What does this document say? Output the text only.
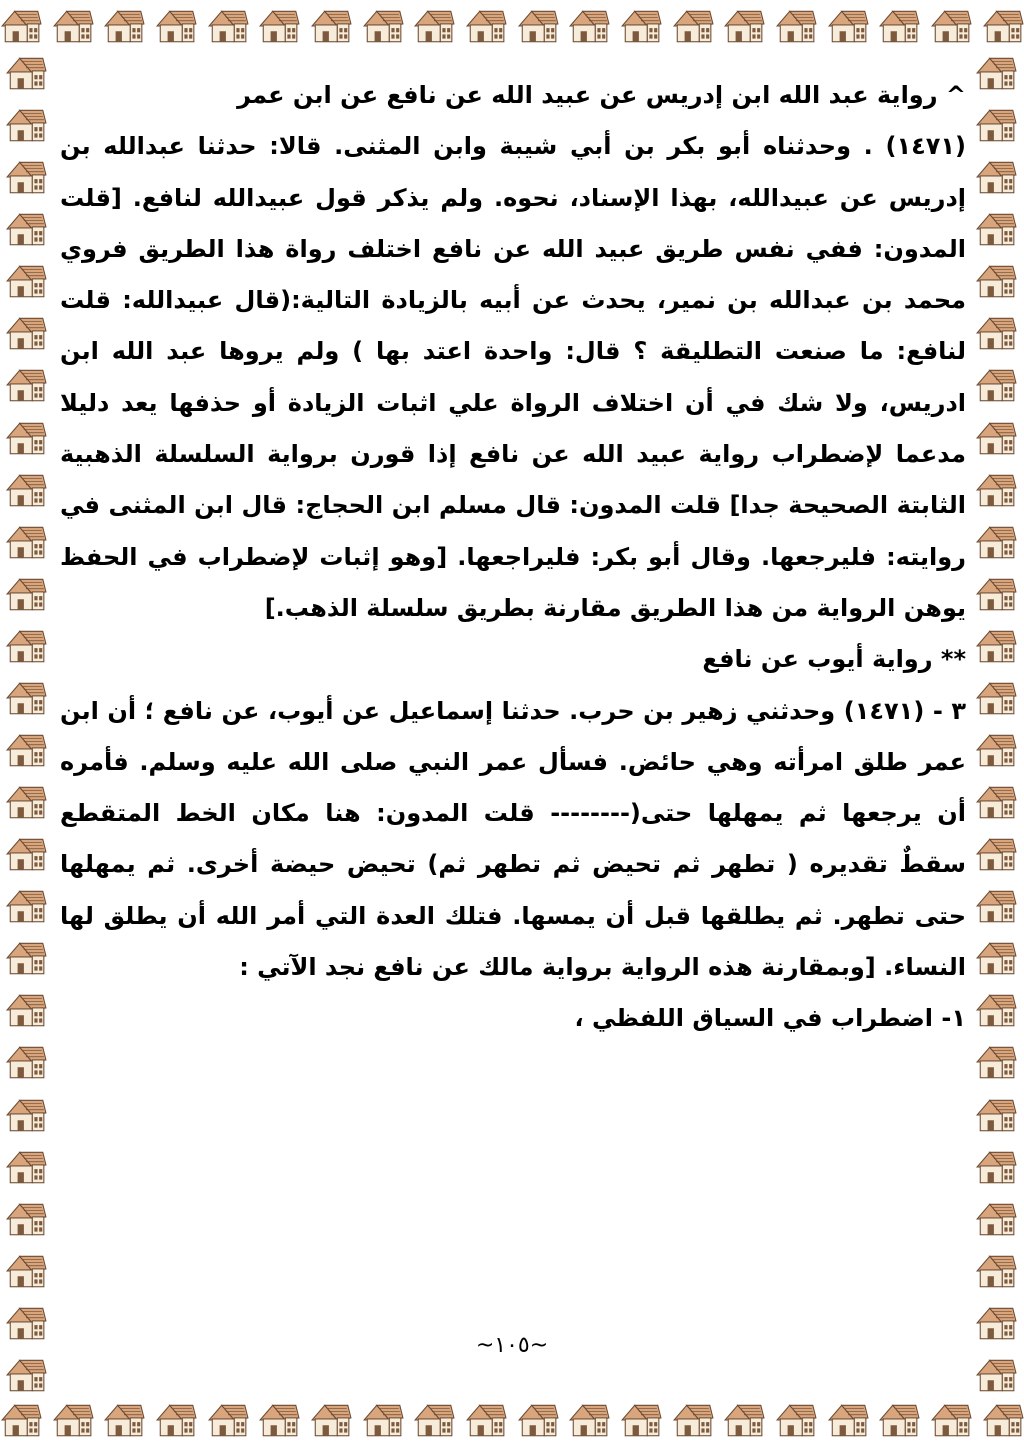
^ رواية عبد الله ابن إدريس عن عبيد الله عن نافع عن ابن عمر

(١٤٧١) . وحدثناه أبو بكر بن أبي شيبة وابن المثنى. قالا: حدثنا عبدالله بن إدريس عن عبيدالله، بهذا الإسناد، نحوه. ولم يذكر قول عبيدالله لنافع. [قلت المدون: ففي نفس طريق عبيد الله عن نافع اختلف رواة هذا الطريق فروي محمد بن عبدالله بن نمير، يحدث عن أبيه بالزيادة التالية:(قال عبيدالله: قلت لنافع: ما صنعت التطليقة ؟ قال: واحدة اعتد بها ) ولم يروها عبد الله ابن ادريس، ولا شك في أن اختلاف الرواة علي اثبات الزيادة أو حذفها يعد دليلا مدعما لإضطراب رواية عبيد الله عن نافع إذا قورن برواية السلسلة الذهبية الثابتة الصحيحة جدا] قلت المدون: قال مسلم ابن الحجاج: قال ابن المثنى في روايته: فليرجعها. وقال أبو بكر: فليراجعها. [وهو إثبات لإضطراب في الحفظ يوهن الرواية من هذا الطريق مقارنة بطريق سلسلة الذهب.]

** رواية أيوب عن نافع

٣ - (١٤٧١) وحدثني زهير بن حرب. حدثنا إسماعيل عن أيوب، عن نافع ؛ أن ابن عمر طلق امرأته وهي حائض. فسأل عمر النبي صلى الله عليه وسلم. فأمره أن يرجعها ثم يمهلها حتى(-------- قلت المدون: هنا مكان الخط المتقطع سقطٌ تقديره ( تطهر ثم تحيض ثم تطهر ثم) تحيض حيضة أخرى. ثم يمهلها حتى تطهر. ثم يطلقها قبل أن يمسها. فتلك العدة التي أمر الله أن يطلق لها النساء. [وبمقارنة هذه الرواية برواية مالك عن نافع نجد الآتي :

١- اضطراب في السياق اللفظي ،

~١٠٥~
